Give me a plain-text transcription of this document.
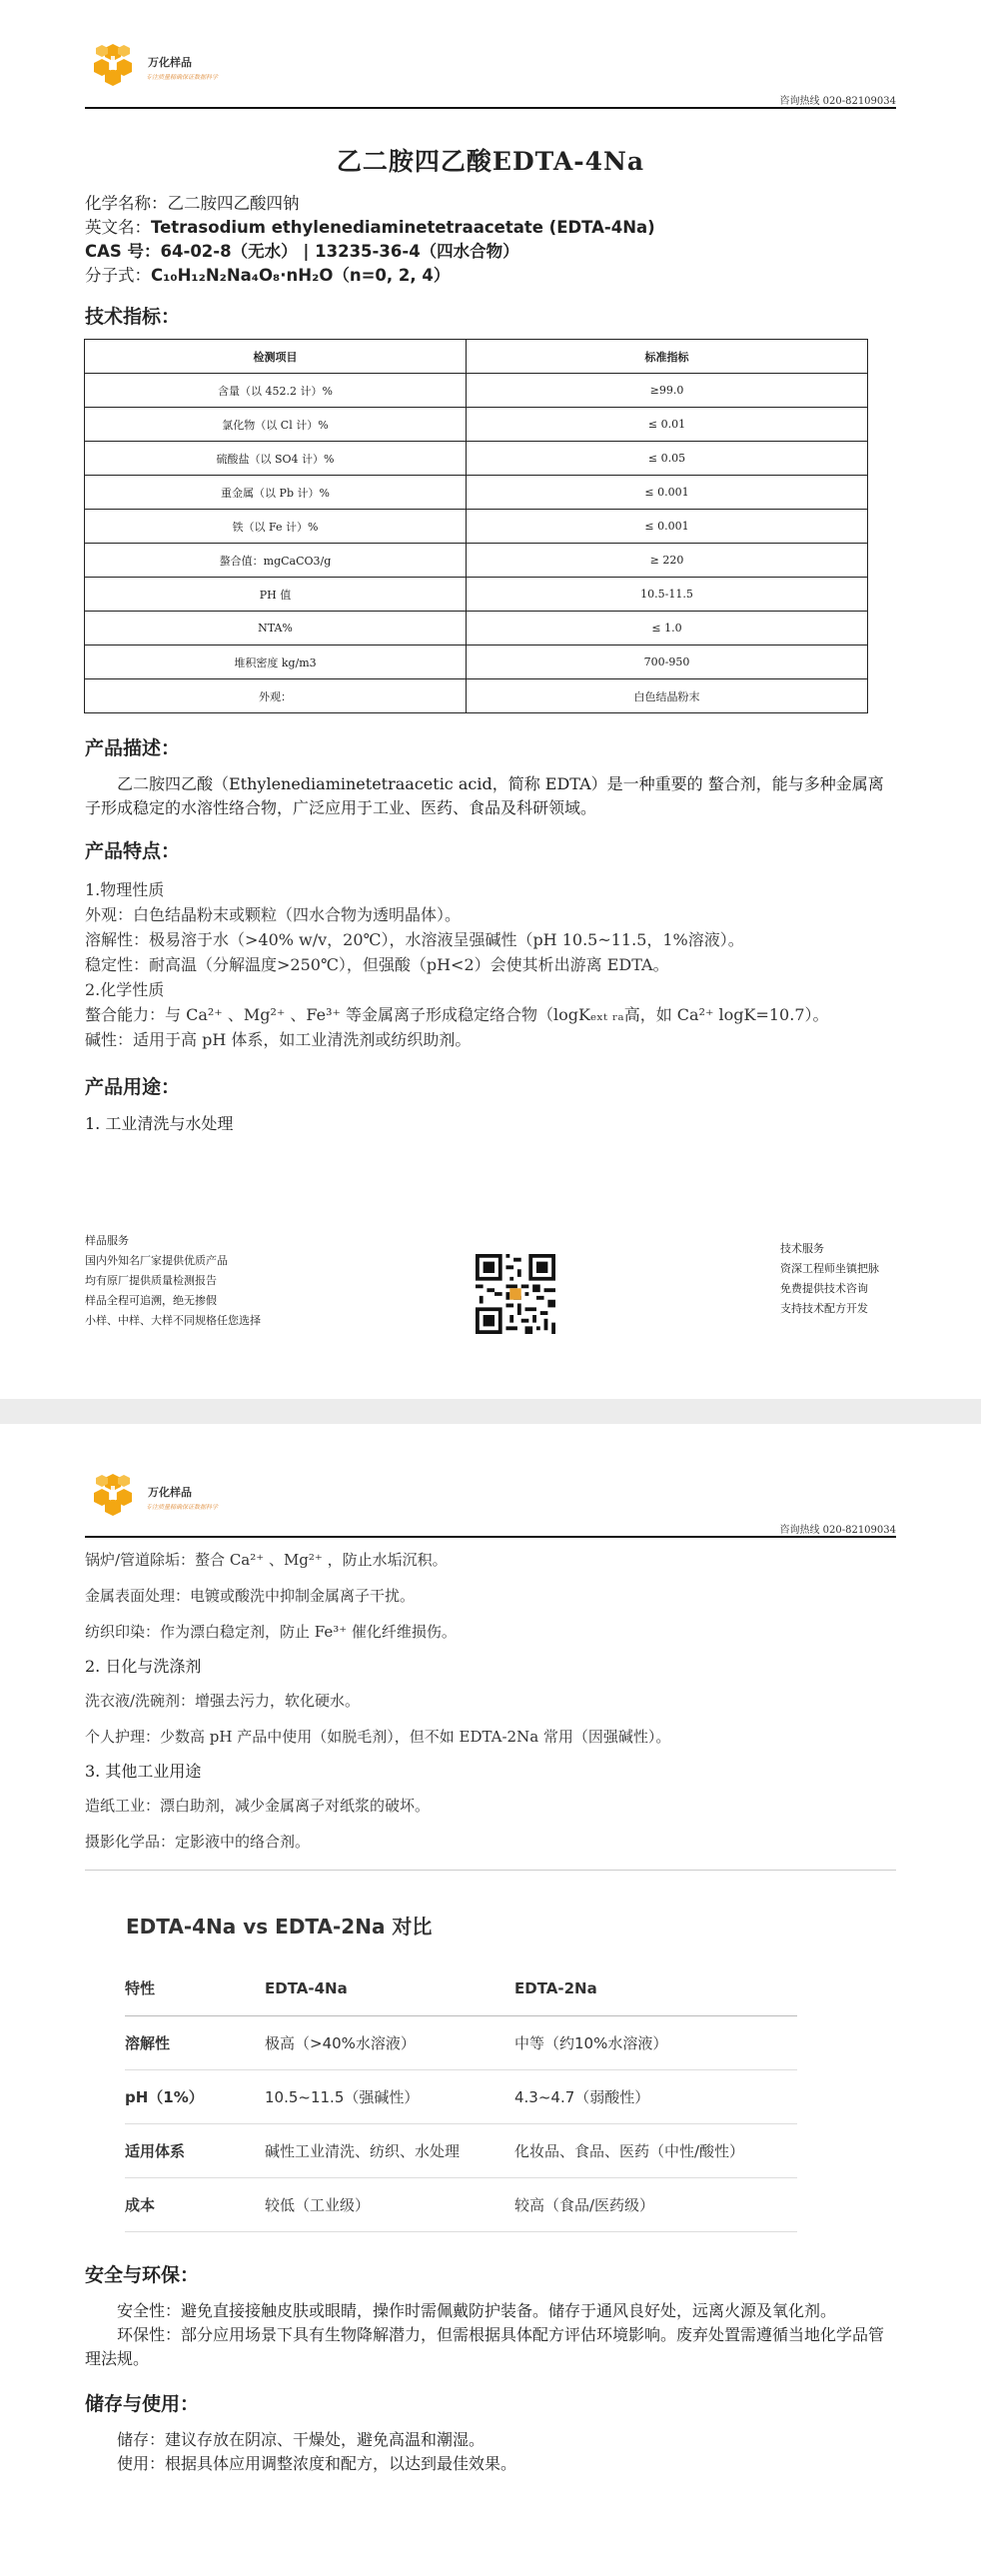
万化样品
专注质量精确保证数据科学
咨询热线 020-82109034
乙二胺四乙酸EDTA-4Na
化学名称：乙二胺四乙酸四钠
英文名：Tetrasodium ethylenediaminetetraacetate (EDTA-4Na)
CAS 号：64-02-8（无水） | 13235-36-4（四水合物）
分子式：C₁₀H₁₂N₂Na₄O₈·nH₂O（n=0, 2, 4）
技术指标：
检测项目	标准指标
含量（以 452.2 计）%	≥99.0
氯化物（以 Cl 计）%	≤ 0.01
硫酸盐（以 SO4 计）%	≤ 0.05
重金属（以 Pb 计）%	≤ 0.001
铁（以 Fe 计）%	≤ 0.001
螯合值：mgCaCO3/g	≥ 220
PH 值	10.5-11.5
NTA%	≤ 1.0
堆积密度 kg/m3	700-950
外观：	白色结晶粉末
产品描述：

乙二胺四乙酸（Ethylenediaminetetraacetic acid，简称 EDTA）是一种重要的 螯合剂，能与多种金属离子形成稳定的水溶性络合物，广泛应用于工业、医药、食品及科研领域。

产品特点：
1.物理性质
外观：白色结晶粉末或颗粒（四水合物为透明晶体）。
溶解性：极易溶于水（>40% w/v，20℃），水溶液呈强碱性（pH 10.5~11.5，1%溶液）。
稳定性：耐高温（分解温度>250℃），但强酸（pH<2）会使其析出游离 EDTA。
2.化学性质
螯合能力：与 Ca²⁺ 、Mg²⁺ 、Fe³⁺ 等金属离子形成稳定络合物（logKₑₓₜ ᵣₐ高，如 Ca²⁺ logK=10.7）。
碱性：适用于高 pH 体系，如工业清洗剂或纺织助剂。
产品用途：
1. 工业清洗与水处理
样品服务
国内外知名厂家提供优质产品
均有原厂提供质量检测报告
样品全程可追溯，绝无掺假
小样、中样、大样不同规格任您选择
技术服务
资深工程师坐镇把脉
免费提供技术咨询
支持技术配方开发
万化样品
专注质量精确保证数据科学
咨询热线 020-82109034
锅炉/管道除垢：螯合 Ca²⁺ 、Mg²⁺ ，防止水垢沉积。
金属表面处理：电镀或酸洗中抑制金属离子干扰。
纺织印染：作为漂白稳定剂，防止 Fe³⁺ 催化纤维损伤。
2. 日化与洗涤剂
洗衣液/洗碗剂：增强去污力，软化硬水。
个人护理：少数高 pH 产品中使用（如脱毛剂），但不如 EDTA-2Na 常用（因强碱性）。
3. 其他工业用途
造纸工业：漂白助剂，减少金属离子对纸浆的破坏。
摄影化学品：定影液中的络合剂。
EDTA-4Na vs EDTA-2Na 对比
特性	EDTA-4Na	EDTA-2Na
溶解性	极高（>40%水溶液）	中等（约10%水溶液）
pH（1%）	10.5~11.5（强碱性）	4.3~4.7（弱酸性）
适用体系	碱性工业清洗、纺织、水处理	化妆品、食品、医药（中性/酸性）
成本	较低（工业级）	较高（食品/医药级）
安全与环保：

安全性：避免直接接触皮肤或眼睛，操作时需佩戴防护装备。储存于通风良好处，远离火源及氧化剂。

环保性：部分应用场景下具有生物降解潜力，但需根据具体配方评估环境影响。废弃处置需遵循当地化学品管理法规。

储存与使用：

储存：建议存放在阴凉、干燥处，避免高温和潮湿。

使用：根据具体应用调整浓度和配方，以达到最佳效果。
